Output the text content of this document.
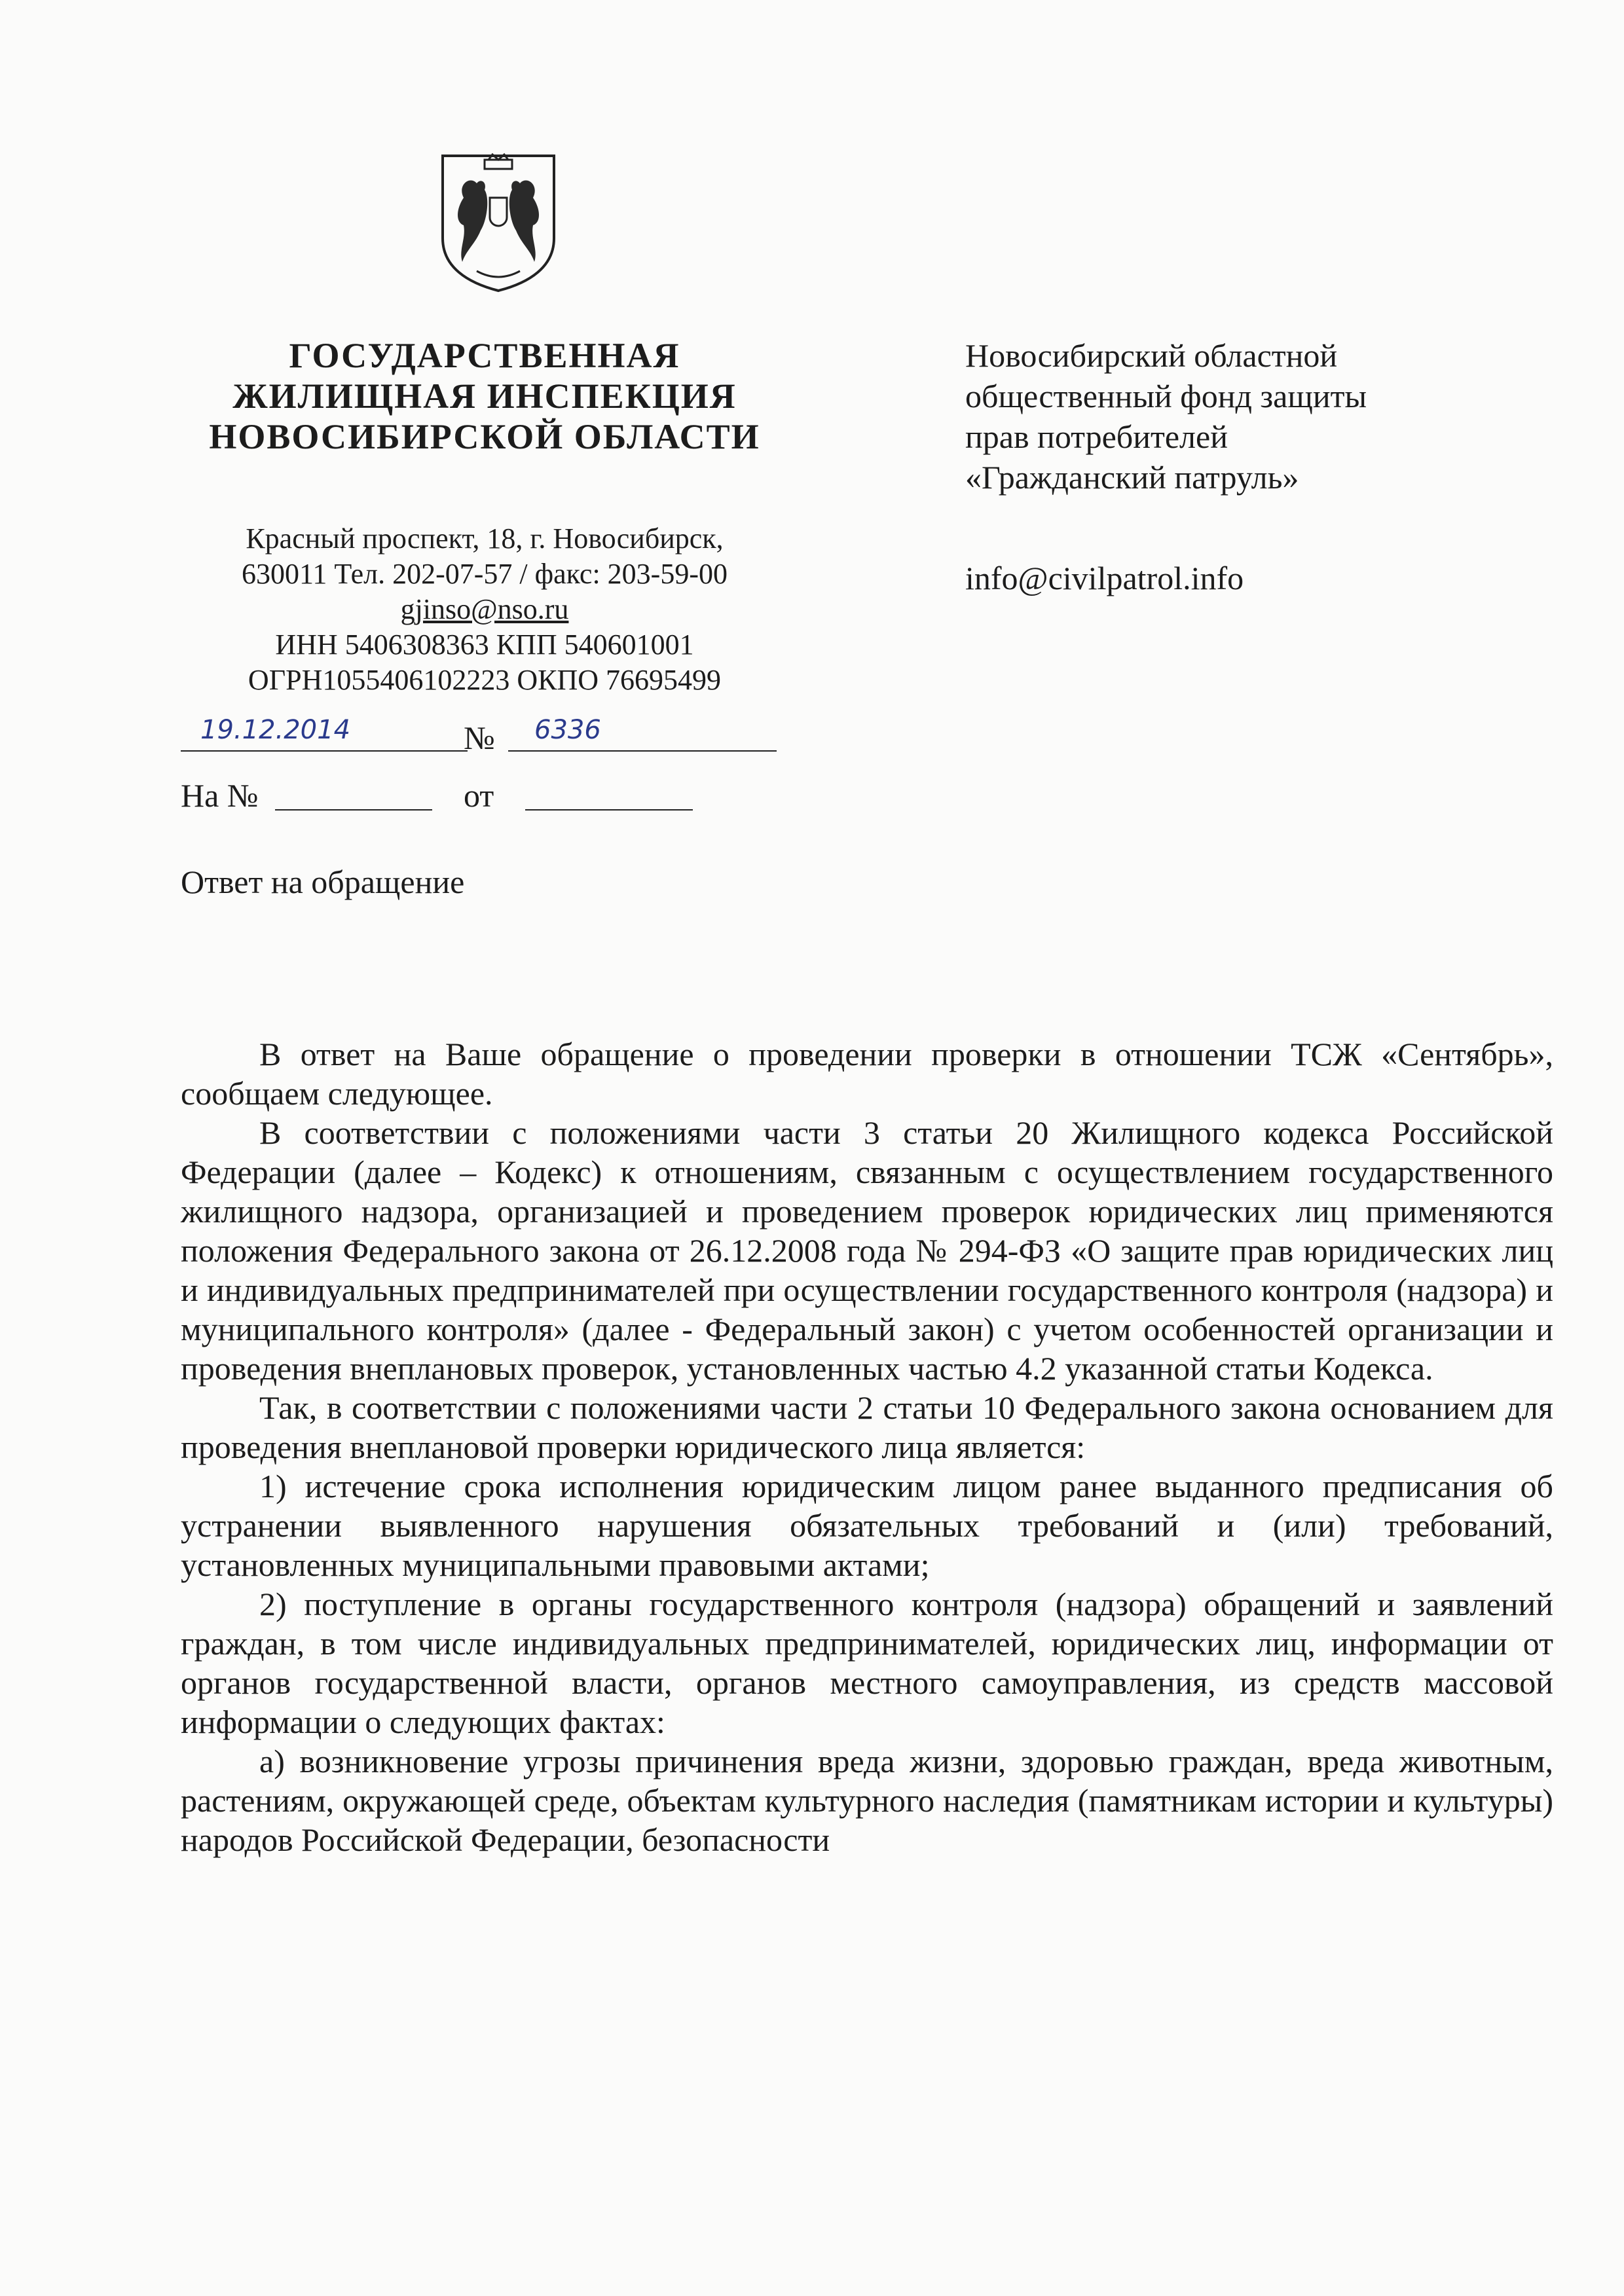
ГОСУДАРСТВЕННАЯ
ЖИЛИЩНАЯ ИНСПЕКЦИЯ
НОВОСИБИРСКОЙ ОБЛАСТИ
Красный проспект, 18, г. Новосибирск,
630011 Тел. 202-07-57 / факс: 203-59-00
gjinso@nso.ru
ИНН 5406308363 КПП 540601001
ОГРН1055406102223 ОКПО 76695499
Новосибирский областной
общественный фонд защиты
прав потребителей
«Гражданский патруль»
info@civilpatrol.info
19.12.2014	№ 6336
На №	от
Ответ на обращение

В ответ на Ваше обращение о проведении проверки в отношении ТСЖ «Сентябрь», сообщаем следующее.

В соответствии с положениями части 3 статьи 20 Жилищного кодекса Российской Федерации (далее – Кодекс) к отношениям, связанным с осуществлением государственного жилищного надзора, организацией и проведением проверок юридических лиц применяются положения Федерального закона от 26.12.2008 года № 294-ФЗ «О защите прав юридических лиц и индивидуальных предпринимателей при осуществлении государственного контроля (надзора) и муниципального контроля» (далее - Федеральный закон) с учетом особенностей организации и проведения внеплановых проверок, установленных частью 4.2 указанной статьи Кодекса.

Так, в соответствии с положениями части 2 статьи 10 Федерального закона основанием для проведения внеплановой проверки юридического лица является:

1) истечение срока исполнения юридическим лицом ранее выданного предписания об устранении выявленного нарушения обязательных требований и (или) требований, установленных муниципальными правовыми актами;

2) поступление в органы государственного контроля (надзора) обращений и заявлений граждан, в том числе индивидуальных предпринимателей, юридических лиц, информации от органов государственной власти, органов местного самоуправления, из средств массовой информации о следующих фактах:

а) возникновение угрозы причинения вреда жизни, здоровью граждан, вреда животным, растениям, окружающей среде, объектам культурного наследия (памятникам истории и культуры) народов Российской Федерации, безопасности
